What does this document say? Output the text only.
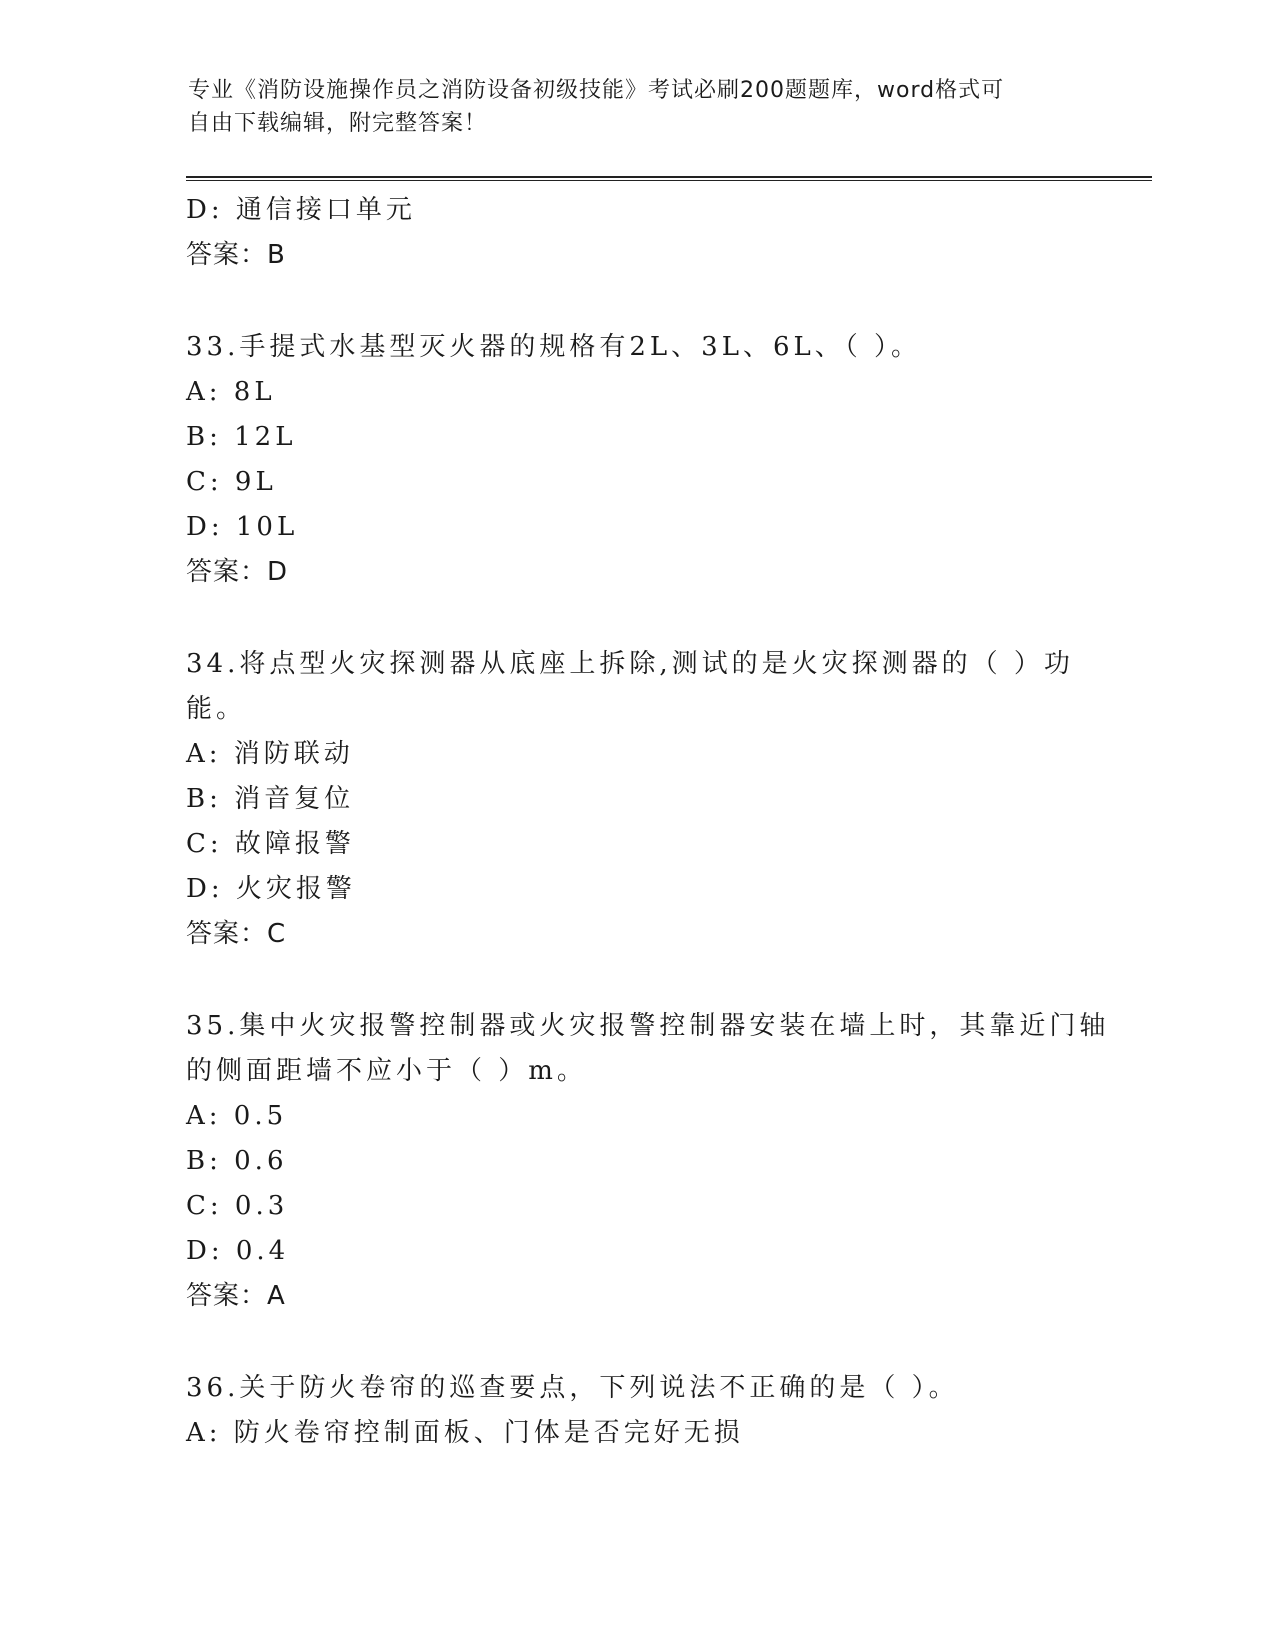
专业《消防设施操作员之消防设备初级技能》考试必刷200题题库，word格式可
自由下载编辑，附完整答案！
D: 通信接口单元
答案：B
33.手提式水基型灭火器的规格有2L、3L、6L、（ ）。
A: 8L
B: 12L
C: 9L
D: 10L
答案：D
34.将点型火灾探测器从底座上拆除,测试的是火灾探测器的（ ）功
能。
A: 消防联动
B: 消音复位
C: 故障报警
D: 火灾报警
答案：C
35.集中火灾报警控制器或火灾报警控制器安装在墙上时，其靠近门轴
的侧面距墙不应小于（ ）m。
A: 0.5
B: 0.6
C: 0.3
D: 0.4
答案：A
36.关于防火卷帘的巡查要点，下列说法不正确的是（ ）。
A: 防火卷帘控制面板、门体是否完好无损
